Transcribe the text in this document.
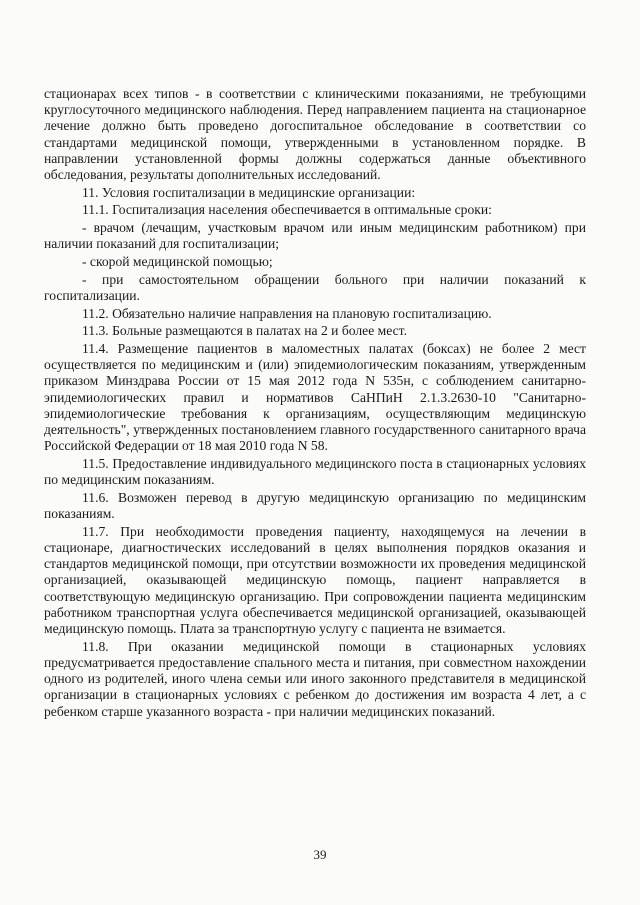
стационарах всех типов - в соответствии с клиническими показаниями, не требующими круглосуточного медицинского наблюдения. Перед направлением пациента на стационарное лечение должно быть проведено догоспитальное обследование в соответствии со стандартами медицинской помощи, утвержденными в установленном порядке. В направлении установленной формы должны содержаться данные объективного обследования, результаты дополнительных исследований.

11. Условия госпитализации в медицинские организации:

11.1. Госпитализация населения обеспечивается в оптимальные сроки:

- врачом (лечащим, участковым врачом или иным медицинским работником) при наличии показаний для госпитализации;

- скорой медицинской помощью;

- при самостоятельном обращении больного при наличии показаний к госпитализации.

11.2. Обязательно наличие направления на плановую госпитализацию.

11.3. Больные размещаются в палатах на 2 и более мест.

11.4. Размещение пациентов в маломестных палатах (боксах) не более 2 мест осуществляется по медицинским и (или) эпидемиологическим показаниям, утвержденным приказом Минздрава России от 15 мая 2012 года N 535н, с соблюдением санитарно-эпидемиологических правил и нормативов СаНПиН 2.1.3.2630-10 "Санитарно-эпидемиологические требования к организациям, осуществляющим медицинскую деятельность", утвержденных постановлением главного государственного санитарного врача Российской Федерации от 18 мая 2010 года N 58.

11.5. Предоставление индивидуального медицинского поста в стационарных условиях по медицинским показаниям.

11.6. Возможен перевод в другую медицинскую организацию по медицинским показаниям.

11.7. При необходимости проведения пациенту, находящемуся на лечении в стационаре, диагностических исследований в целях выполнения порядков оказания и стандартов медицинской помощи, при отсутствии возможности их проведения медицинской организацией, оказывающей медицинскую помощь, пациент направляется в соответствующую медицинскую организацию. При сопровождении пациента медицинским работником транспортная услуга обеспечивается медицинской организацией, оказывающей медицинскую помощь. Плата за транспортную услугу с пациента не взимается.

11.8. При оказании медицинской помощи в стационарных условиях предусматривается предоставление спального места и питания, при совместном нахождении одного из родителей, иного члена семьи или иного законного представителя в медицинской организации в стационарных условиях с ребенком до достижения им возраста 4 лет, а с ребенком старше указанного возраста - при наличии медицинских показаний.

39
